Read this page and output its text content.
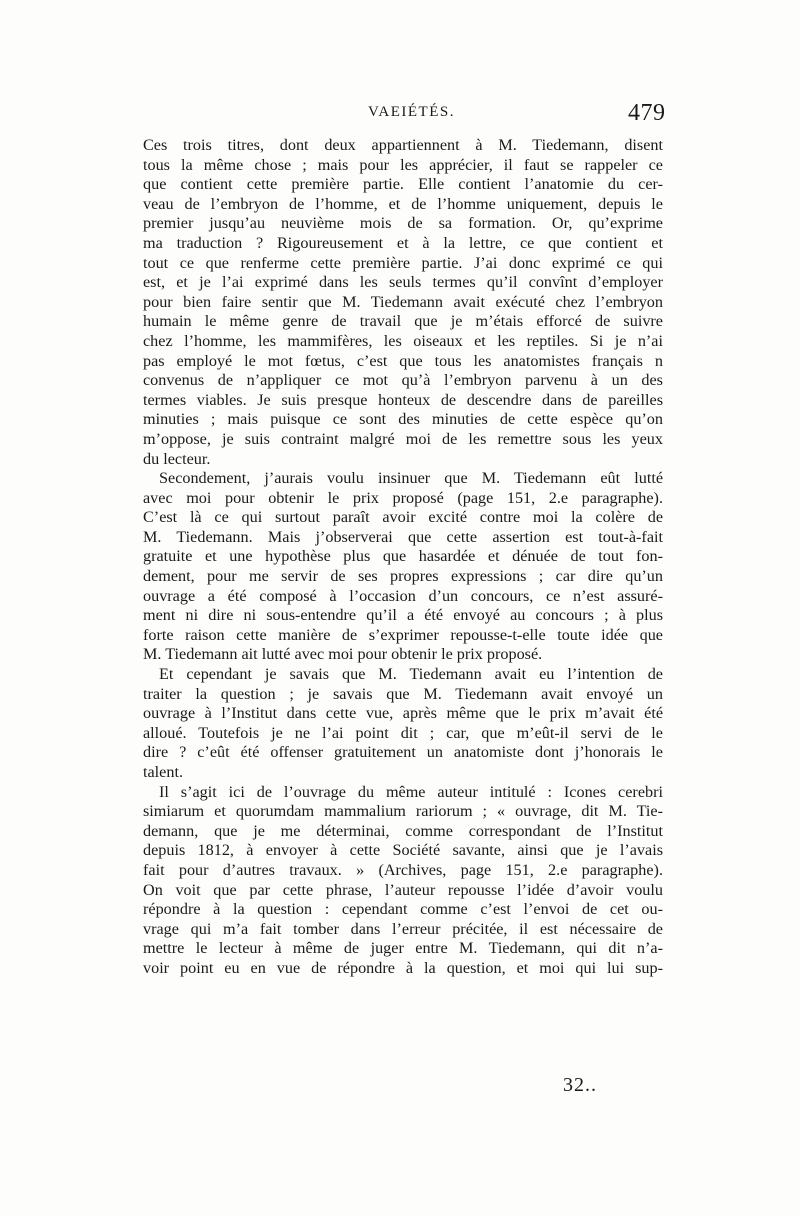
VAEIÉTÉS.	479
Ces trois titres, dont deux appartiennent à M. Tiedemann, disent
tous la même chose ; mais pour les apprécier, il faut se rappeler ce
que contient cette première partie. Elle contient l’anatomie du cer-
veau de l’embryon de l’homme, et de l’homme uniquement, depuis le
premier jusqu’au neuvième mois de sa formation. Or, qu’exprime
ma traduction ? Rigoureusement et à la lettre, ce que contient et
tout ce que renferme cette première partie. J’ai donc exprimé ce qui
est, et je l’ai exprimé dans les seuls termes qu’il convînt d’employer
pour bien faire sentir que M. Tiedemann avait exécuté chez l’embryon
humain le même genre de travail que je m’étais efforcé de suivre
chez l’homme, les mammifères, les oiseaux et les reptiles. Si je n’ai
pas employé le mot fœtus, c’est que tous les anatomistes français n
convenus de n’appliquer ce mot qu’à l’embryon parvenu à un des
termes viables. Je suis presque honteux de descendre dans de pareilles
minuties ; mais puisque ce sont des minuties de cette espèce qu’on
m’oppose, je suis contraint malgré moi de les remettre sous les yeux
du lecteur.
Secondement, j’aurais voulu insinuer que M. Tiedemann eût lutté
avec moi pour obtenir le prix proposé (page 151, 2.e paragraphe).
C’est là ce qui surtout paraît avoir excité contre moi la colère de
M. Tiedemann. Mais j’observerai que cette assertion est tout-à-fait
gratuite et une hypothèse plus que hasardée et dénuée de tout fon-
dement, pour me servir de ses propres expressions ; car dire qu’un
ouvrage a été composé à l’occasion d’un concours, ce n’est assuré-
ment ni dire ni sous-entendre qu’il a été envoyé au concours ; à plus
forte raison cette manière de s’exprimer repousse-t-elle toute idée que
M. Tiedemann ait lutté avec moi pour obtenir le prix proposé.
Et cependant je savais que M. Tiedemann avait eu l’intention de
traiter la question ; je savais que M. Tiedemann avait envoyé un
ouvrage à l’Institut dans cette vue, après même que le prix m’avait été
alloué. Toutefois je ne l’ai point dit ; car, que m’eût-il servi de le
dire ? c’eût été offenser gratuitement un anatomiste dont j’honorais le
talent.
Il s’agit ici de l’ouvrage du même auteur intitulé : Icones cerebri
simiarum et quorumdam mammalium rariorum ; « ouvrage, dit M. Tie-
demann, que je me déterminai, comme correspondant de l’Institut
depuis 1812, à envoyer à cette Société savante, ainsi que je l’avais
fait pour d’autres travaux. » (Archives, page 151, 2.e paragraphe).
On voit que par cette phrase, l’auteur repousse l’idée d’avoir voulu
répondre à la question : cependant comme c’est l’envoi de cet ou-
vrage qui m’a fait tomber dans l’erreur précitée, il est nécessaire de
mettre le lecteur à même de juger entre M. Tiedemann, qui dit n’a-
voir point eu en vue de répondre à la question, et moi qui lui sup-
32..
